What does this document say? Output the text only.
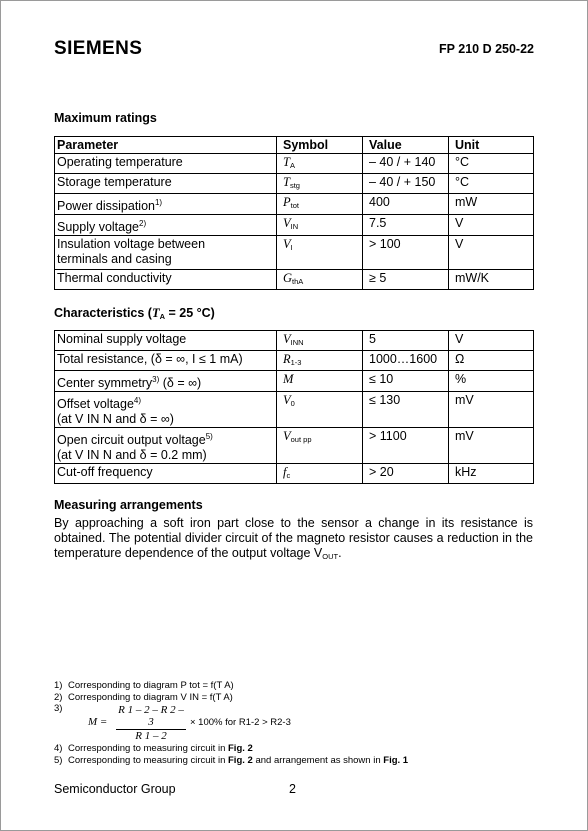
SIEMENS	FP 210 D 250-22
Maximum ratings
Parameter	Symbol	Value	Unit
Operating temperature	$T_A$	– 40 / + 140	°C
Storage temperature	$T_{stg}$	– 40 / + 150	°C
Power dissipation$^{1)}$	$P_{tot}$	400	mW
Supply voltage$^{2)}$	$V_{IN}$	7.5	V

Insulation voltage between
terminals and casing	$V_I$	> 100	V
Thermal conductivity	$G_{thA}$	≥ 5	mW/K
Characteristics ($T_A = 25$ °C)
Nominal supply voltage	$V_{INN}$	5	V
Total resistance, (δ = ∞, I ≤ 1 mA)	$R_{1-3}$	1000…1600	Ω
Center symmetry$^{3)}$ (δ = ∞)	M	≤ 10	%

Offset voltage$^{4)}$
(at V IN N and δ = ∞)	$V_0$	≤ 130	mV

Open circuit output voltage$^{5)}$
(at V IN N and δ = 0.2 mm)	$V_{out pp}$	> 1100	mV
Cut-off frequency	$f_c$	> 20	kHz
Measuring arrangements

By approaching a soft iron part close to the sensor a change in its resistance is obtained. The potential divider circuit of the magneto resistor causes a reduction in the temperature dependence of the output voltage $V_{OUT}$.

1) Corresponding to diagram P tot = f(T A)
2) Corresponding to diagram V IN = f(T A)
3)
$M = \frac{R 1 - 2 - R 2 - 3}{R 1 - 2} \times 100\%$ for R1-2 > R2-3
4) Corresponding to measuring circuit in Fig. 2
5) Corresponding to measuring circuit in Fig. 2 and arrangement as shown in Fig. 1
Semiconductor Group	2
